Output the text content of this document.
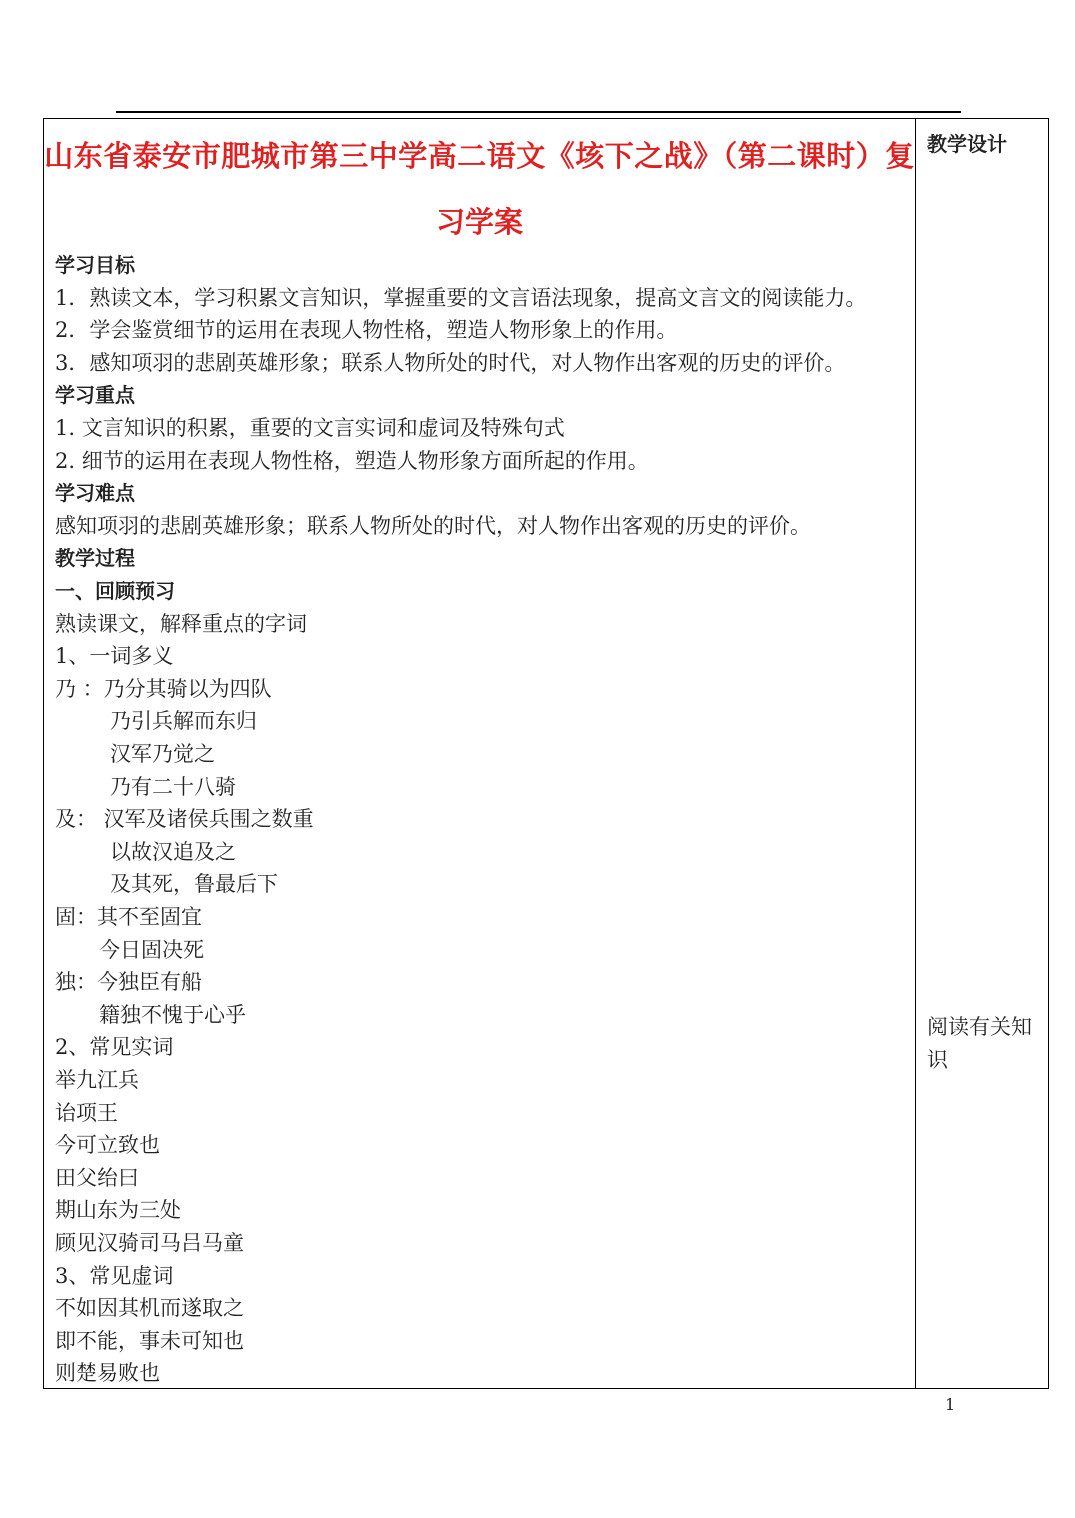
山东省泰安市肥城市第三中学高二语文《垓下之战》（第二课时）复
习学案
教学设计
阅读有关知识
学习目标
1．熟读文本，学习积累文言知识，掌握重要的文言语法现象，提高文言文的阅读能力。
2．学会鉴赏细节的运用在表现人物性格，塑造人物形象上的作用。
3．感知项羽的悲剧英雄形象；联系人物所处的时代，对人物作出客观的历史的评价。
学习重点
1. 文言知识的积累，重要的文言实词和虚词及特殊句式
2. 细节的运用在表现人物性格，塑造人物形象方面所起的作用。
学习难点
感知项羽的悲剧英雄形象；联系人物所处的时代，对人物作出客观的历史的评价。
教学过程
一、回顾预习
熟读课文，解释重点的字词
1、一词多义
乃 ：乃分其骑以为四队
乃引兵解而东归
汉军乃觉之
乃有二十八骑
及： 汉军及诸侯兵围之数重
以故汉追及之
及其死，鲁最后下
固：其不至固宜
今日固决死
独：今独臣有船
籍独不愧于心乎
2、常见实词
举九江兵
诒项王
今可立致也
田父绐曰
期山东为三处
顾见汉骑司马吕马童
3、常见虚词
不如因其机而遂取之
即不能，事未可知也
则楚易败也
1
